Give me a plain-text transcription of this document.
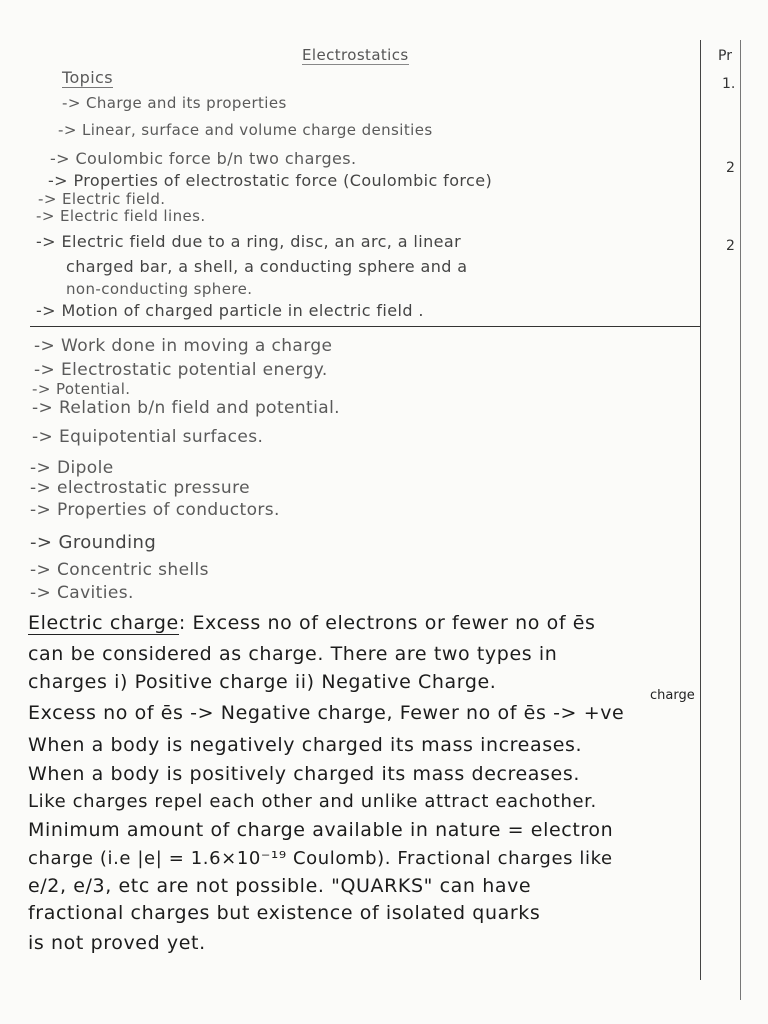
Electrostatics
Topics
-> Charge and its properties
-> Linear, surface and volume charge densities
-> Coulombic force b/n two charges.
-> Properties of electrostatic force (Coulombic force)
-> Electric field.
-> Electric field lines.
-> Electric field due to a ring, disc, an arc, a linear
charged bar, a shell, a conducting sphere and a
non-conducting sphere.
-> Motion of charged particle in electric field .
-> Work done in moving a charge
-> Electrostatic potential energy.
-> Potential.
-> Relation b/n field and potential.
-> Equipotential surfaces.
-> Dipole
-> electrostatic pressure
-> Properties of conductors.
-> Grounding
-> Concentric shells
-> Cavities.
Electric charge: Excess no of electrons or fewer no of ēs
can be considered as charge. There are two types in
charges i) Positive charge ii) Negative Charge.
charge
Excess no of ēs -> Negative charge, Fewer no of ēs -> +ve
When a body is negatively charged its mass increases.
When a body is positively charged its mass decreases.
Like charges repel each other and unlike attract eachother.
Minimum amount of charge available in nature = electron
charge (i.e |e| = 1.6×10⁻¹⁹ Coulomb). Fractional charges like
e/2, e/3, etc are not possible. "QUARKS" can have
fractional charges but existence of isolated quarks
is not proved yet.
Pr
1.
2
2
